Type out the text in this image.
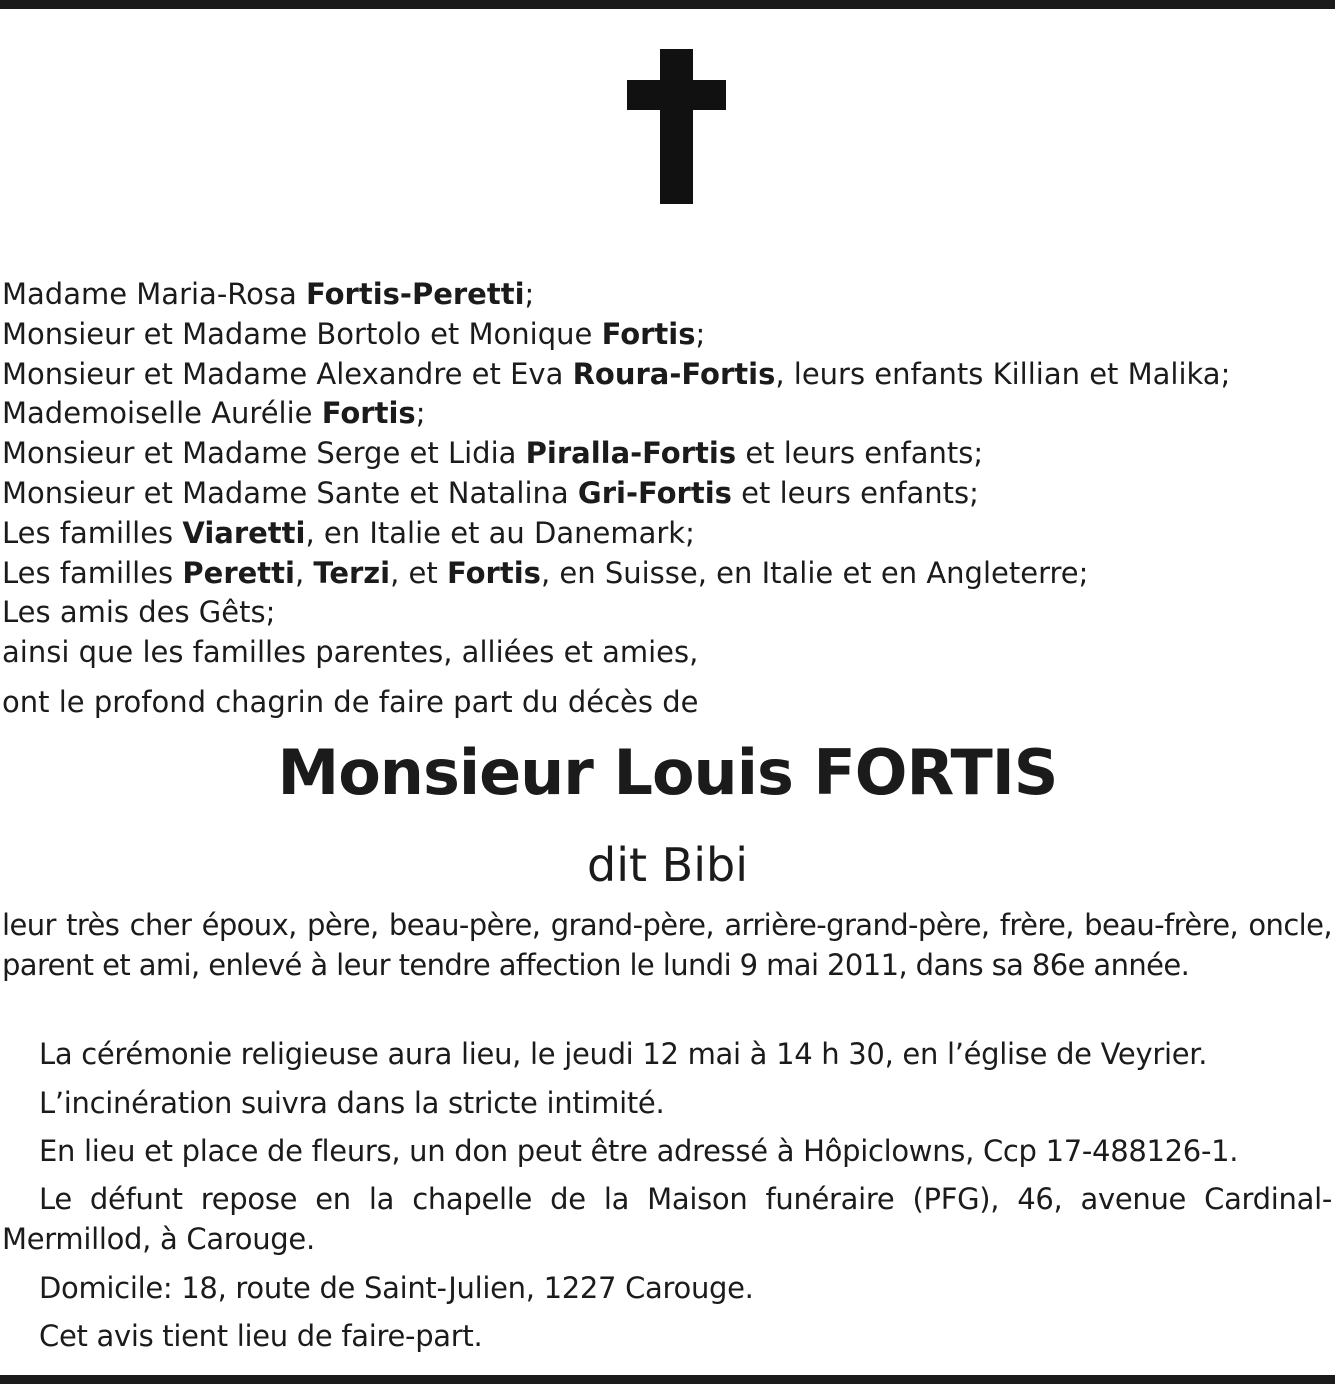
Madame Maria-Rosa Fortis-Peretti;
Monsieur et Madame Bortolo et Monique Fortis;
Monsieur et Madame Alexandre et Eva Roura-Fortis, leurs enfants Killian et Malika;
Mademoiselle Aurélie Fortis;
Monsieur et Madame Serge et Lidia Piralla-Fortis et leurs enfants;
Monsieur et Madame Sante et Natalina Gri-Fortis et leurs enfants;
Les familles Viaretti, en Italie et au Danemark;
Les familles Peretti, Terzi, et Fortis, en Suisse, en Italie et en Angleterre;
Les amis des Gêts;
ainsi que les familles parentes, alliées et amies,
ont le profond chagrin de faire part du décès de
Monsieur Louis FORTIS
dit Bibi
leur très cher époux, père, beau-père, grand-père, arrière-grand-père, frère, beau-frère, oncle, parent et ami, enlevé à leur tendre affection le lundi 9 mai 2011, dans sa 86e année.
La cérémonie religieuse aura lieu, le jeudi 12 mai à 14 h 30, en l’église de Veyrier.
L’incinération suivra dans la stricte intimité.
En lieu et place de fleurs, un don peut être adressé à Hôpiclowns, Ccp 17-488126-1.
Le défunt repose en la chapelle de la Maison funéraire (PFG), 46, avenue Cardinal-Mermillod, à Carouge.
Domicile: 18, route de Saint-Julien, 1227 Carouge.
Cet avis tient lieu de faire-part.
